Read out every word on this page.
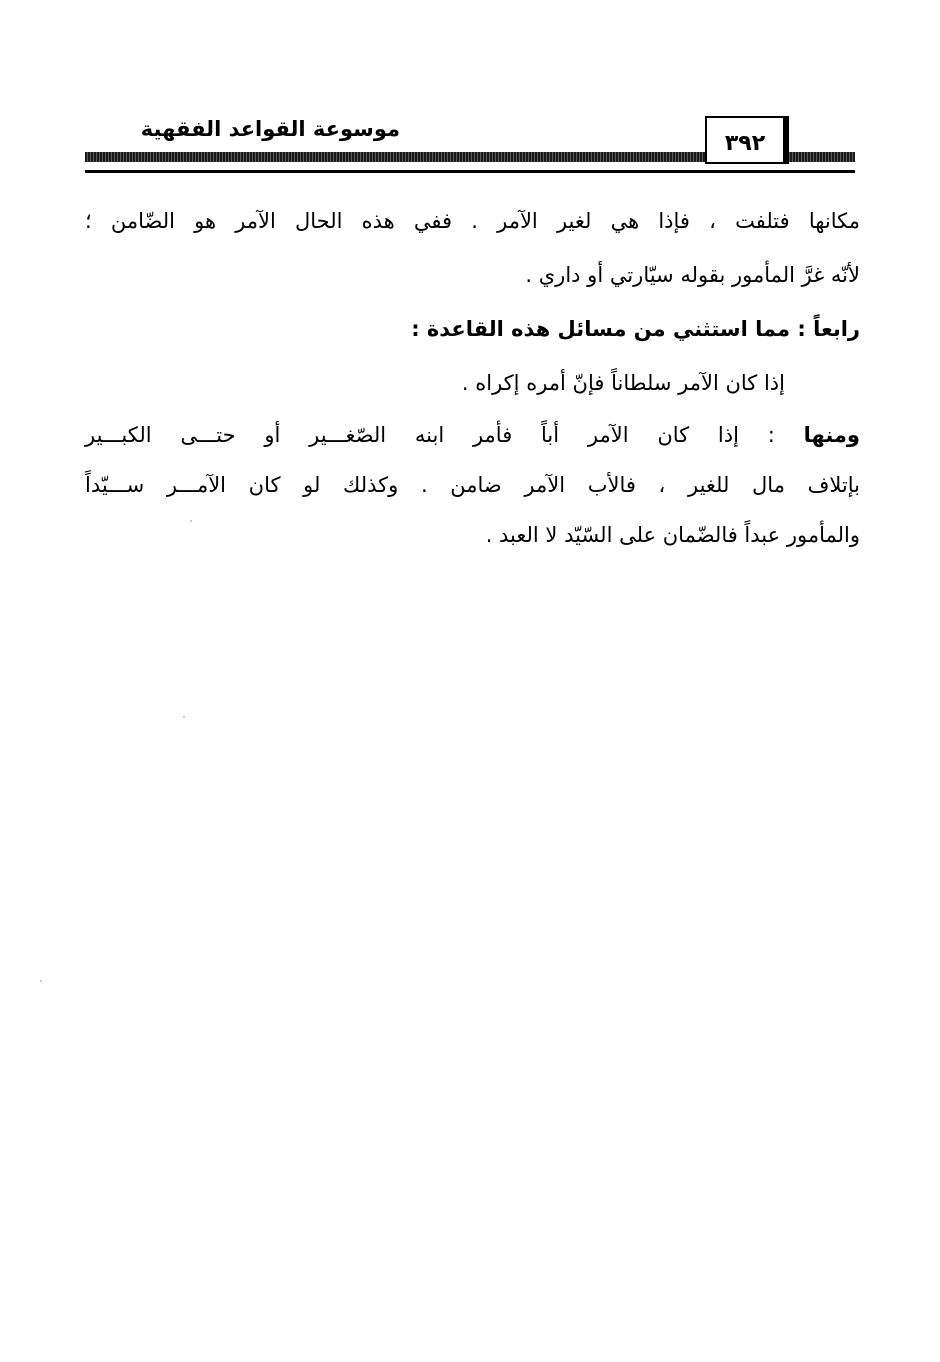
موسوعة القواعد الفقهية
٣٩٢
مكانها فتلفت ، فإذا هي لغير الآمر . ففي هذه الحال الآمر هو الضّامن ؛
لأنّه غرَّ المأمور بقوله سيّارتي أو داري .
رابعاً : مما استثني من مسائل هذه القاعدة :
إذا كان الآمر سلطاناً فإنّ أمره إكراه .
ومنها : إذا كان الآمر أباً فأمر ابنه الصّغـــير أو حتـــى الكبـــير
بإتلاف مال للغير ، فالأب الآمر ضامن . وكذلك لو كان الآمـــر ســـيّداً
والمأمور عبداً فالضّمان على السّيّد لا العبد .
